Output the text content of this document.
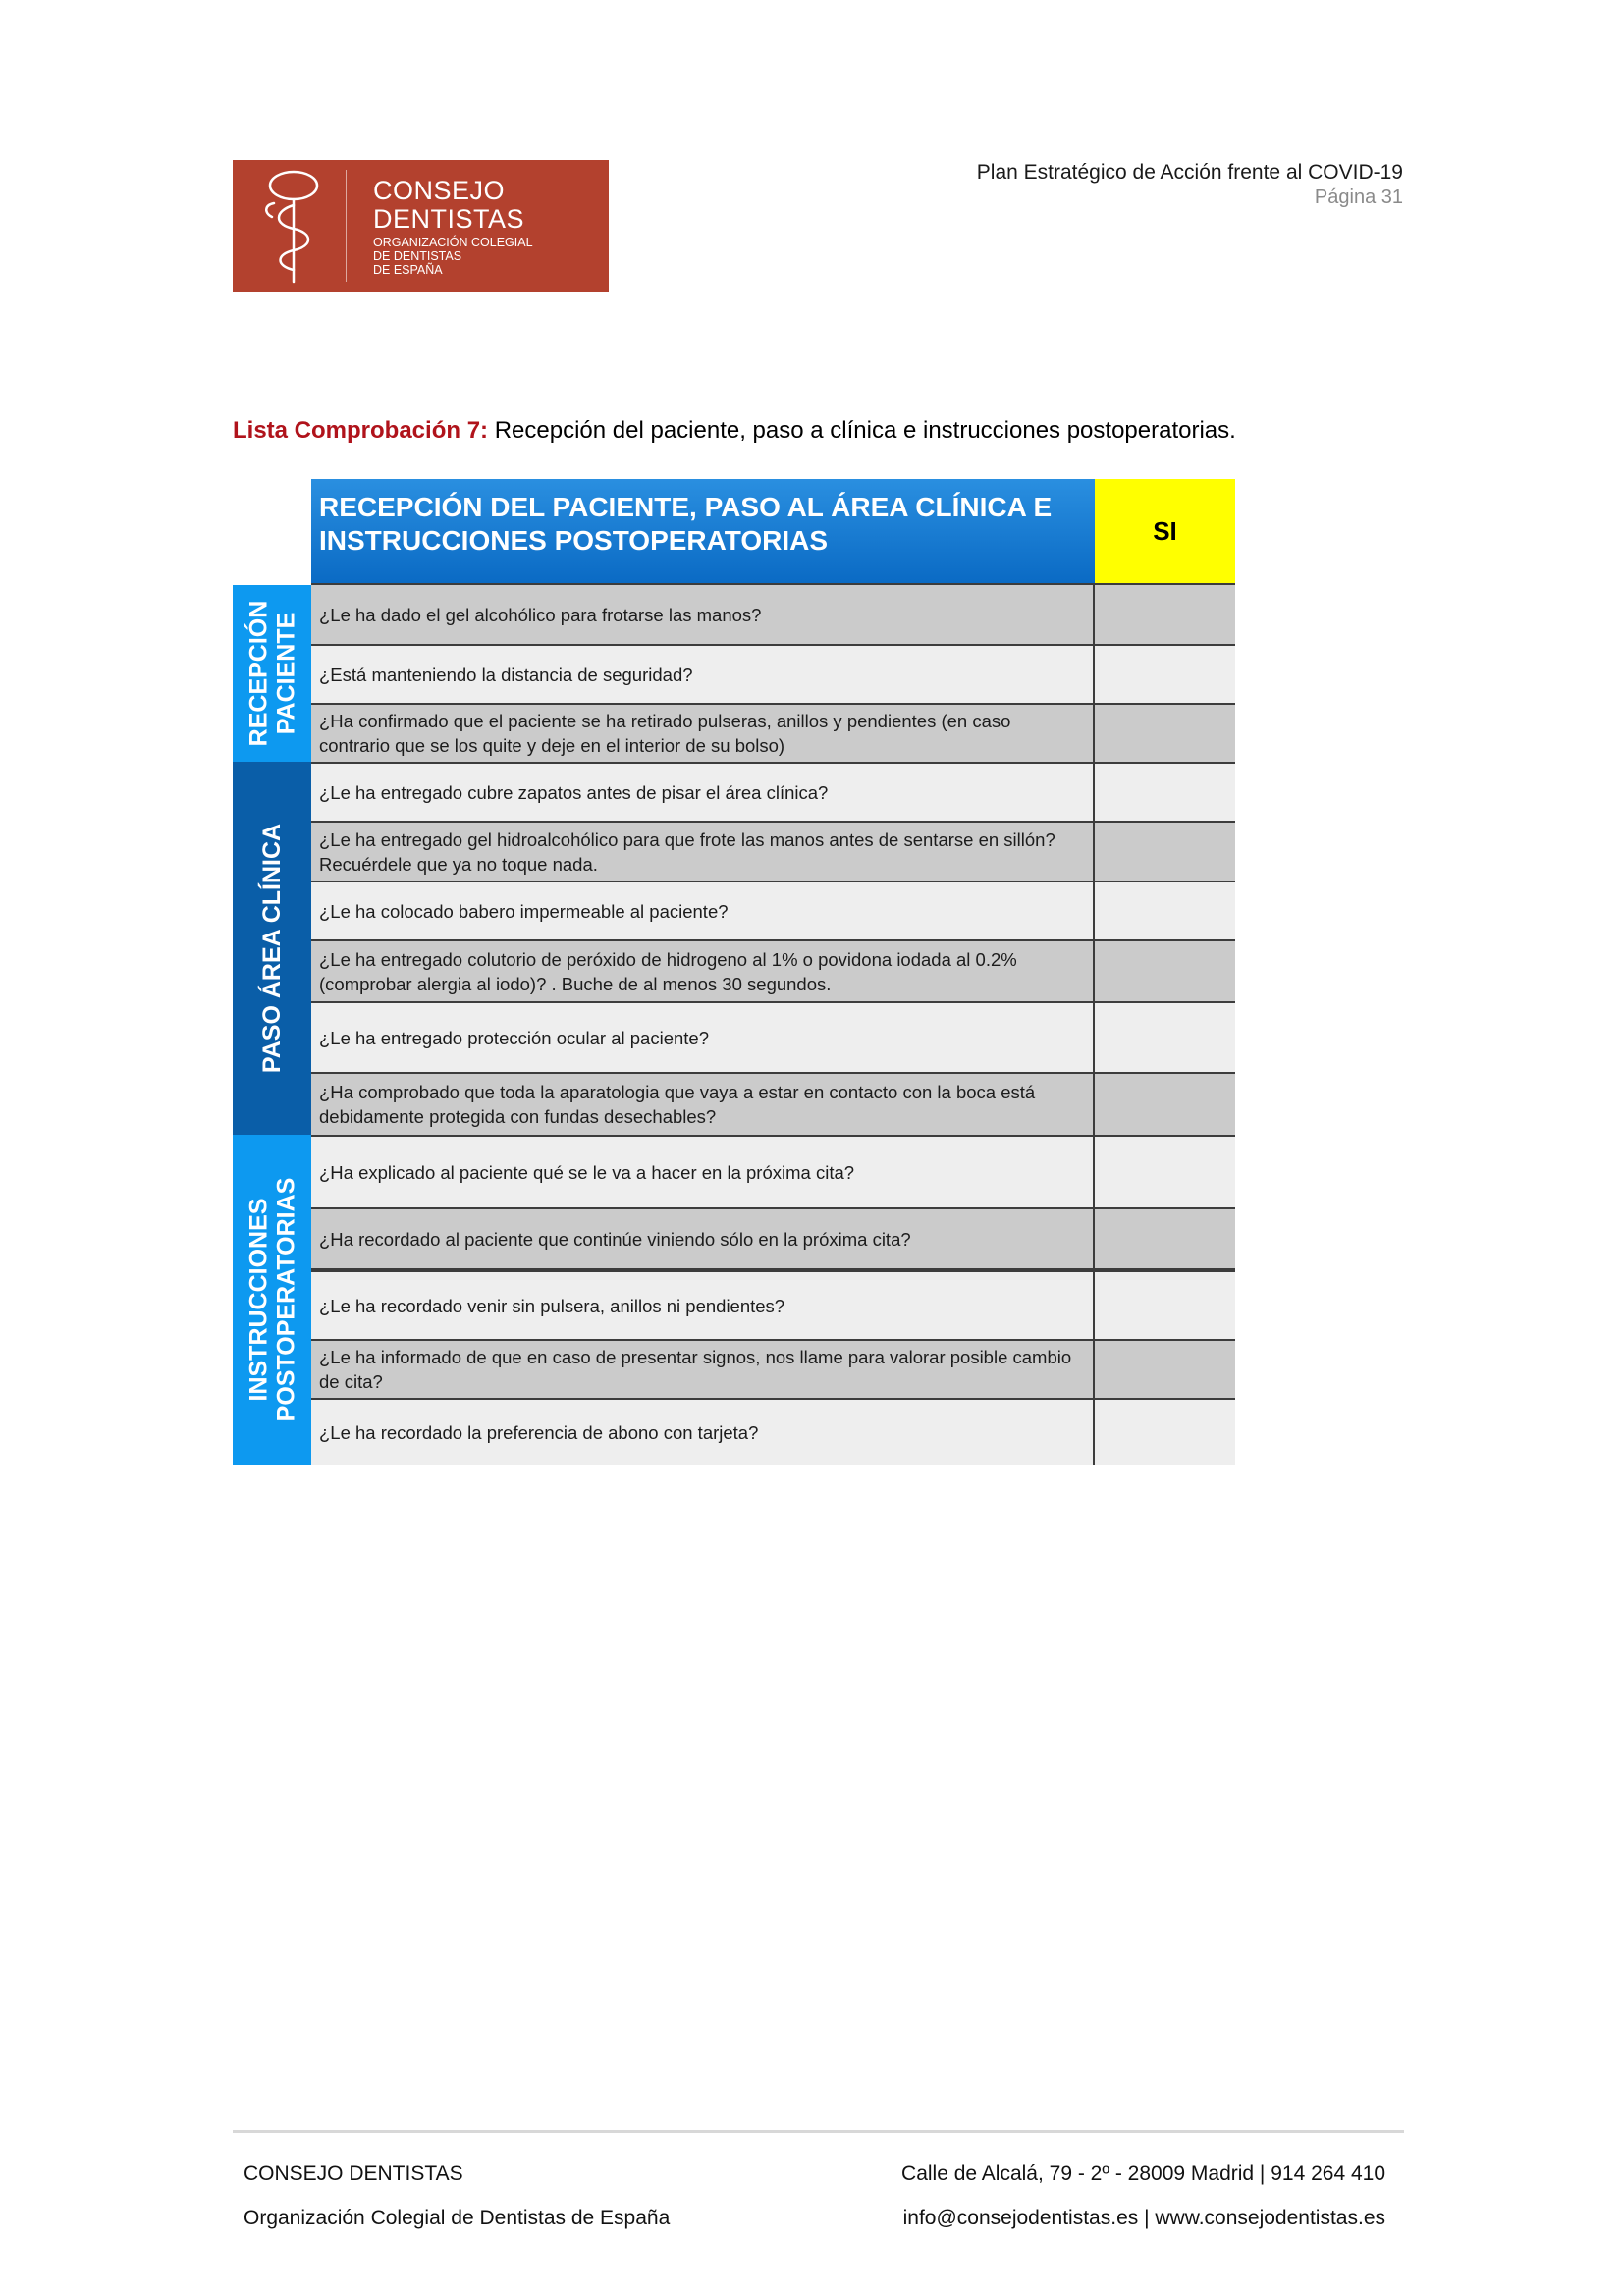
CONSEJO
DENTISTAS
ORGANIZACIÓN COLEGIAL
DE DENTISTAS
DE ESPAÑA
Plan Estratégico de Acción frente al COVID-19
Página 31
Lista Comprobación 7: Recepción del paciente, paso a clínica e instrucciones postoperatorias.
RECEPCIÓN DEL PACIENTE, PASO AL ÁREA CLÍNICA E
INSTRUCCIONES POSTOPERATORIAS	SI
RECEPCIÓN PACIENTE	¿Le ha dado el gel alcohólico para frotarse las manos?
¿Está manteniendo la distancia de seguridad?
¿Ha confirmado que el paciente se ha retirado pulseras, anillos y pendientes (en caso contrario que se los quite y deje en el interior de su bolso)
PASO ÁREA CLÍNICA
¿Le ha entregado cubre zapatos antes de pisar el área clínica?
¿Le ha entregado gel hidroalcohólico para que frote las manos antes de sentarse en sillón? Recuérdele que ya no toque nada.
¿Le ha colocado babero impermeable al paciente?
¿Le ha entregado colutorio de peróxido de hidrogeno al 1% o povidona iodada al 0.2% (comprobar alergia al iodo)? . Buche de al menos 30 segundos.
¿Le ha entregado protección ocular al paciente?
¿Ha comprobado que toda la aparatologia que vaya a estar en contacto con la boca está debidamente protegida con fundas desechables?
INSTRUCCIONES POSTOPERATORIAS
¿Ha explicado al paciente qué se le va a hacer en la próxima cita?
¿Ha recordado al paciente que continúe viniendo sólo en la próxima cita?
¿Le ha recordado venir sin pulsera, anillos ni pendientes?
¿Le ha informado de que en caso de presentar signos, nos llame para valorar posible cambio de cita?
¿Le ha recordado la preferencia de abono con tarjeta?
CONSEJO DENTISTAS
Organización Colegial de Dentistas de España
Calle de Alcalá, 79 - 2º - 28009 Madrid | 914 264 410
info@consejodentistas.es | www.consejodentistas.es
